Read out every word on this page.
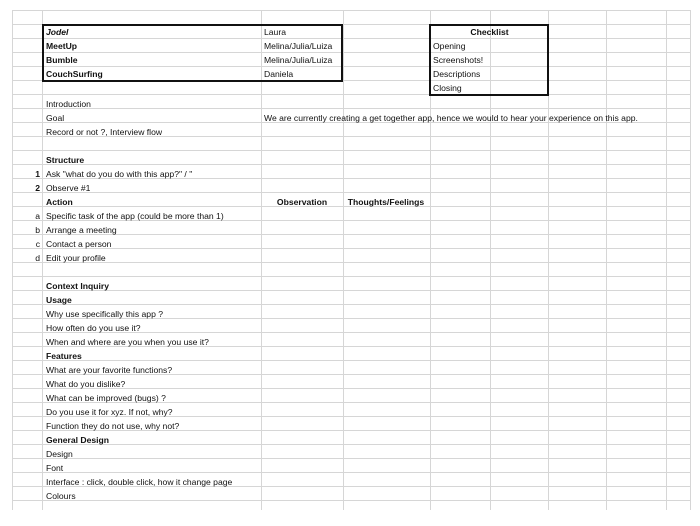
Jodel	Laura
MeetUp	Melina/Julia/Luiza
Bumble	Melina/Julia/Luiza
CouchSurfing	Daniela
Checklist
Opening
Screenshots!
Descriptions
Closing
Introduction
Goal	We are currently creating a get together app, hence we would to hear your experience on this app.
Record or not ?, Interview flow
Structure
1 Ask "what do you do with this app?" / "
2 Observe #1
Action	Observation	Thoughts/Feelings
a Specific task of the app (could be more than 1)
b Arrange a meeting
c Contact a person
d Edit your profile
Context Inquiry
Usage
Why use specifically this app ?
How often do you use it?
When and where are you when you use it?
Features
What are your favorite functions?
What do you dislike?
What can be improved (bugs) ?
Do you use it for xyz. If not, why?
Function they do not use, why not?
General Design
Design
Font
Interface : click, double click, how it change page
Colours
